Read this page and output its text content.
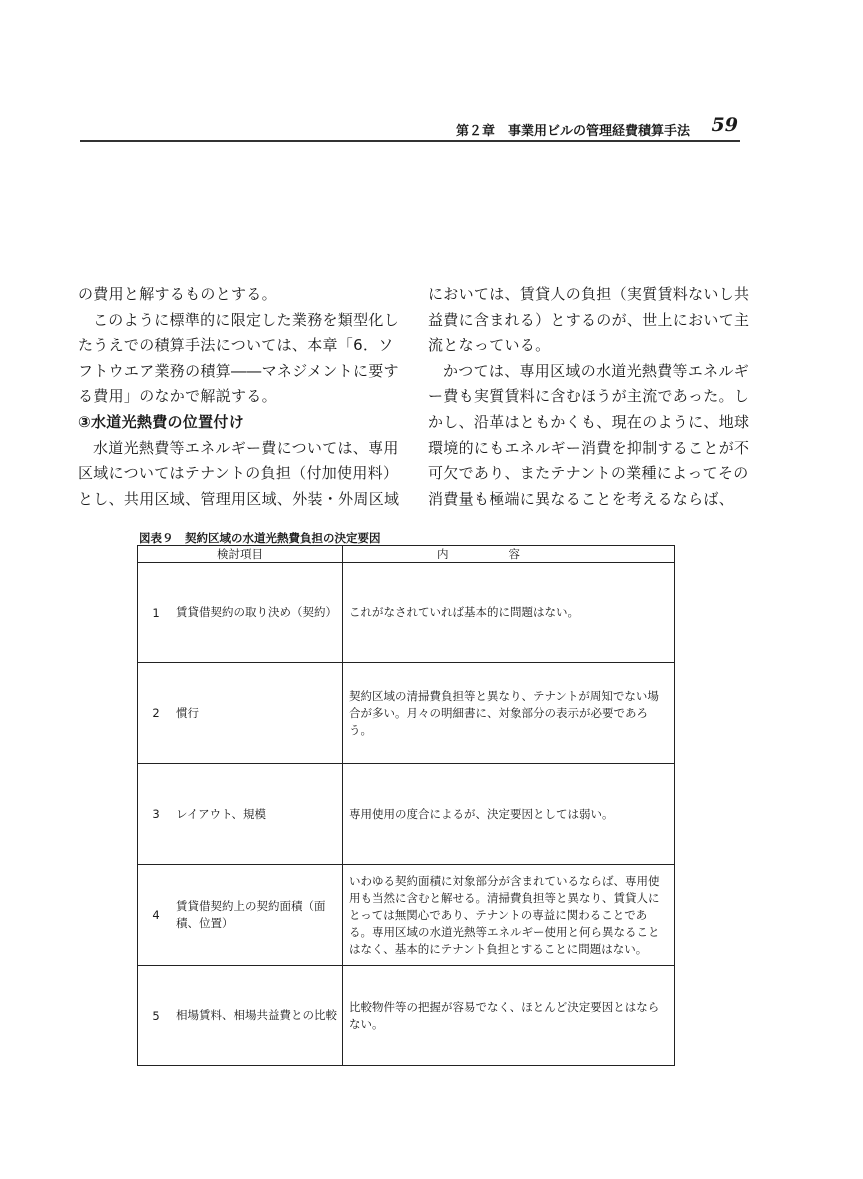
第２章　事業用ビルの管理経費積算手法 59

の費用と解するものとする。

このように標準的に限定した業務を類型化したうえでの積算手法については、本章「6．ソフトウエア業務の積算――マネジメントに要する費用」のなかで解説する。

③水道光熱費の位置付け

水道光熱費等エネルギー費については、専用区域についてはテナントの負担（付加使用料）とし、共用区域、管理用区域、外装・外周区域

においては、賃貸人の負担（実質賃料ないし共益費に含まれる）とするのが、世上において主流となっている。

かつては、専用区域の水道光熱費等エネルギー費も実質賃料に含むほうが主流であった。しかし、沿革はともかくも、現在のように、地球環境的にもエネルギー消費を抑制することが不可欠であり、またテナントの業種によってその消費量も極端に異なることを考えるならば、

図表９　契約区域の水道光熱費負担の決定要因
検討項目		内容
1	賃貸借契約の取り決め（契約）	これがなされていれば基本的に問題はない。
2	慣行	契約区域の清掃費負担等と異なり、テナントが周知でない場合が多い。月々の明細書に、対象部分の表示が必要であろう。
3	レイアウト、規模	専用使用の度合によるが、決定要因としては弱い。
4	賃貸借契約上の契約面積（面積、位置）	いわゆる契約面積に対象部分が含まれているならば、専用使用も当然に含むと解せる。清掃費負担等と異なり、賃貸人にとっては無関心であり、テナントの専益に関わることである。専用区域の水道光熱等エネルギー使用と何ら異なることはなく、基本的にテナント負担とすることに問題はない。
5	相場賃料、相場共益費との比較	比較物件等の把握が容易でなく、ほとんど決定要因とはならない。
